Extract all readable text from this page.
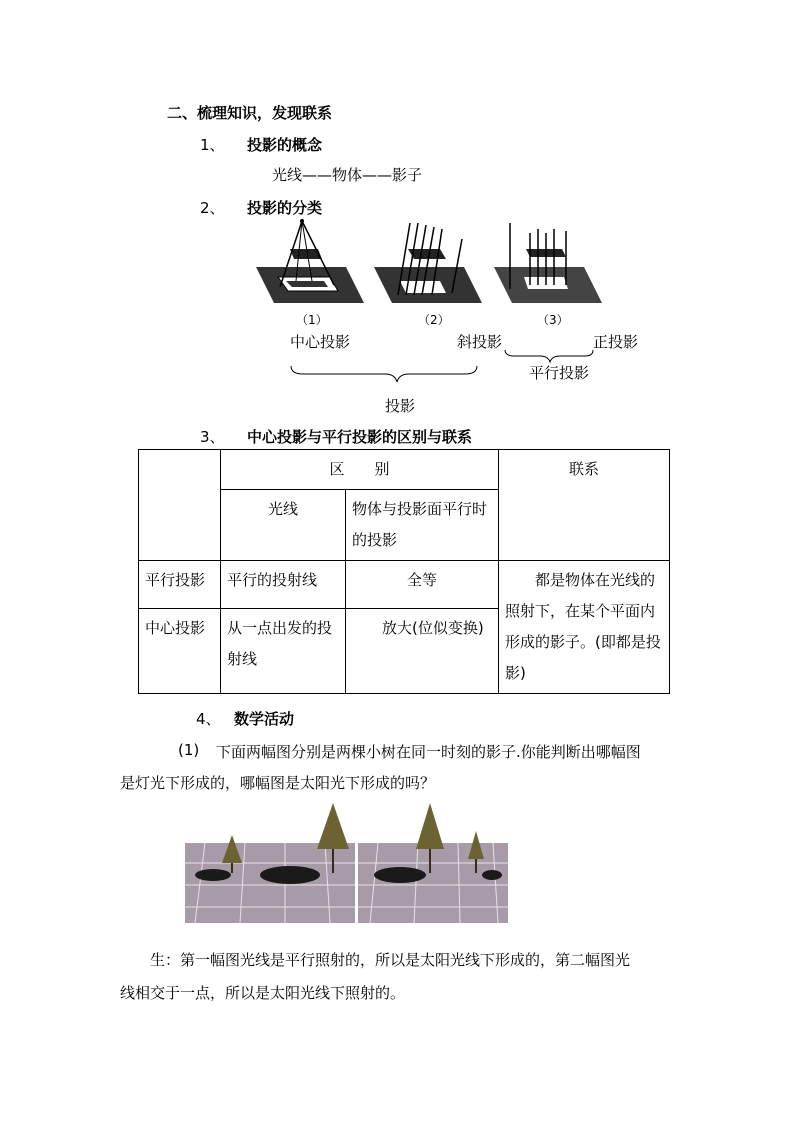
二、梳理知识，发现联系
1、 投影的概念
光线——物体——影子
2、 投影的分类
（1）	（2）	（3）
中心投影	斜投影	正投影
平行投影
投影
3、 中心投影与平行投影的区别与联系
	区　　别		联系
	光线	物体与投影面平行时的投影	
平行投影	平行的投射线	全等	都是物体在光线的照射下，在某个平面内形成的影子。(即都是投影)
中心投影	从一点出发的投射线	放大(位似变换)	
4、 数学活动
(1) 下面两幅图分别是两棵小树在同一时刻的影子.你能判断出哪幅图
是灯光下形成的，哪幅图是太阳光下形成的吗？
生：第一幅图光线是平行照射的，所以是太阳光线下形成的，第二幅图光
线相交于一点，所以是太阳光线下照射的。
